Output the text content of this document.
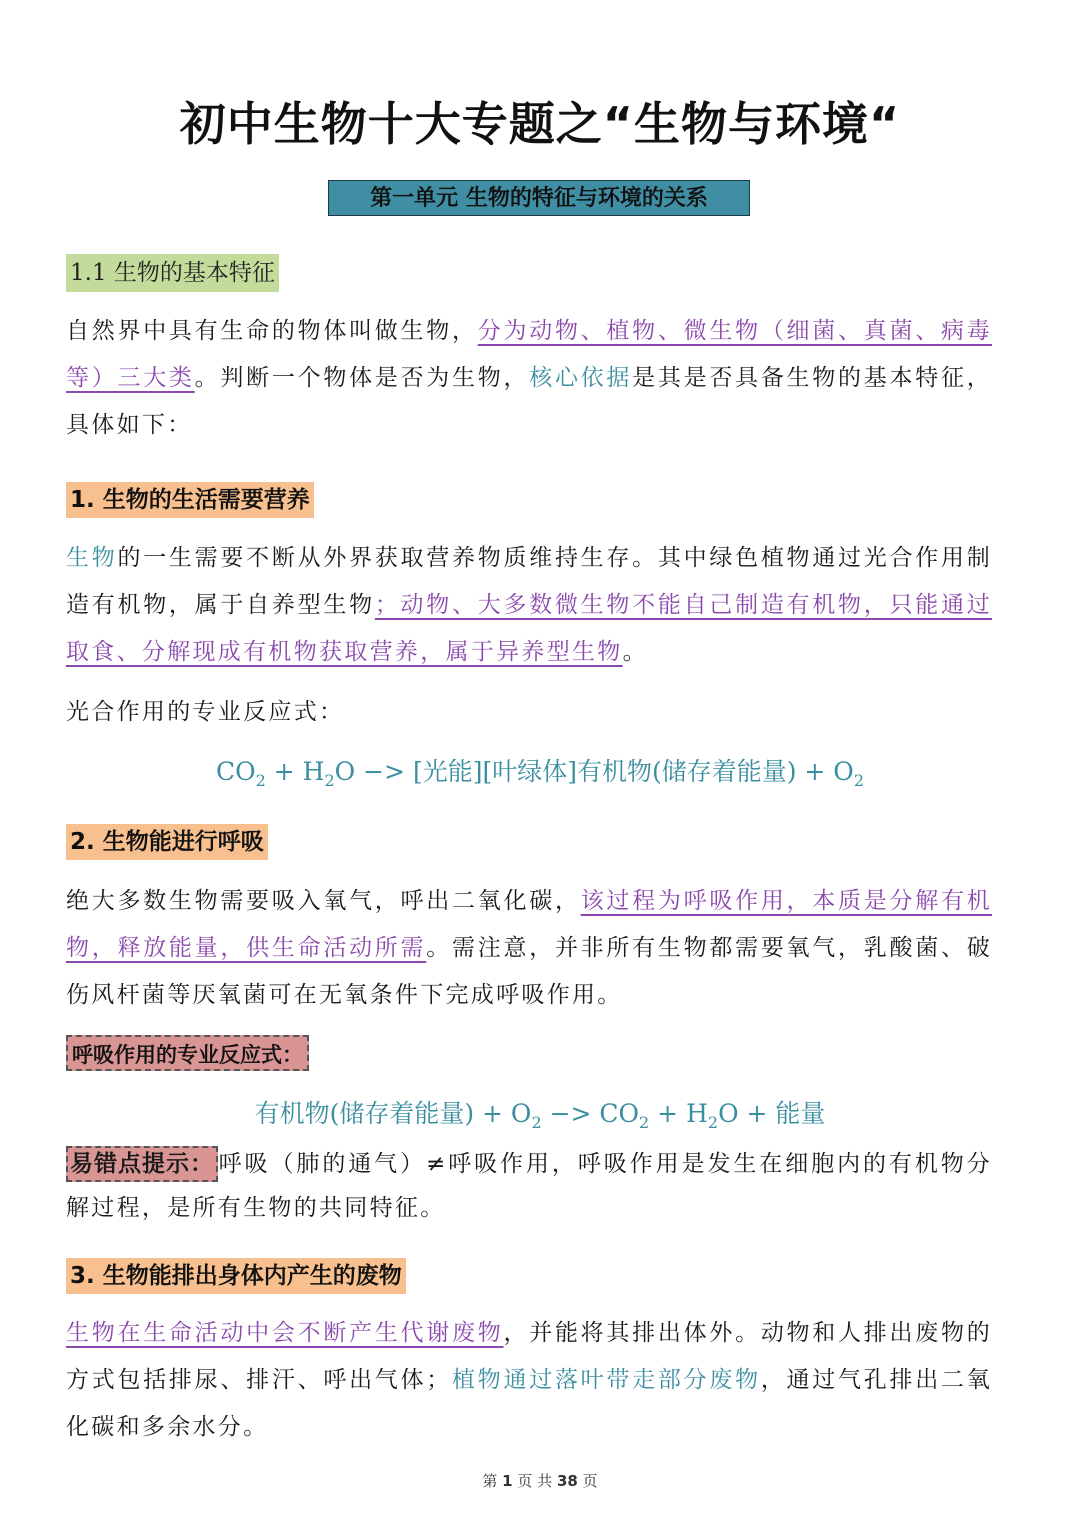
初中生物十大专题之“生物与环境“
第一单元 生物的特征与环境的关系
1.1 生物的基本特征
自然界中具有生命的物体叫做生物，分为动物、植物、微生物（细菌、真菌、病毒等）三大类。判断一个物体是否为生物，核心依据是其是否具备生物的基本特征，具体如下：
1. 生物的生活需要营养
生物的一生需要不断从外界获取营养物质维持生存。其中绿色植物通过光合作用制造有机物，属于自养型生物；动物、大多数微生物不能自己制造有机物，只能通过取食、分解现成有机物获取营养，属于异养型生物。
光合作用的专业反应式：
$CO_2 + H_2O$ −> [光能][叶绿体]有机物(储存着能量) + $O_2$
2. 生物能进行呼吸
绝大多数生物需要吸入氧气，呼出二氧化碳，该过程为呼吸作用，本质是分解有机物，释放能量，供生命活动所需。需注意，并非所有生物都需要氧气，乳酸菌、破伤风杆菌等厌氧菌可在无氧条件下完成呼吸作用。
呼吸作用的专业反应式：
有机物(储存着能量) + $O_2 -> CO_2 + H_2O$ + 能量
易错点提示： 呼吸（肺的通气）≠呼吸作用，呼吸作用是发生在细胞内的有机物分解过程，是所有生物的共同特征。
3. 生物能排出身体内产生的废物
生物在生命活动中会不断产生代谢废物，并能将其排出体外。动物和人排出废物的方式包括排尿、排汗、呼出气体；植物通过落叶带走部分废物，通过气孔排出二氧化碳和多余水分。
第 1 页 共 38 页
